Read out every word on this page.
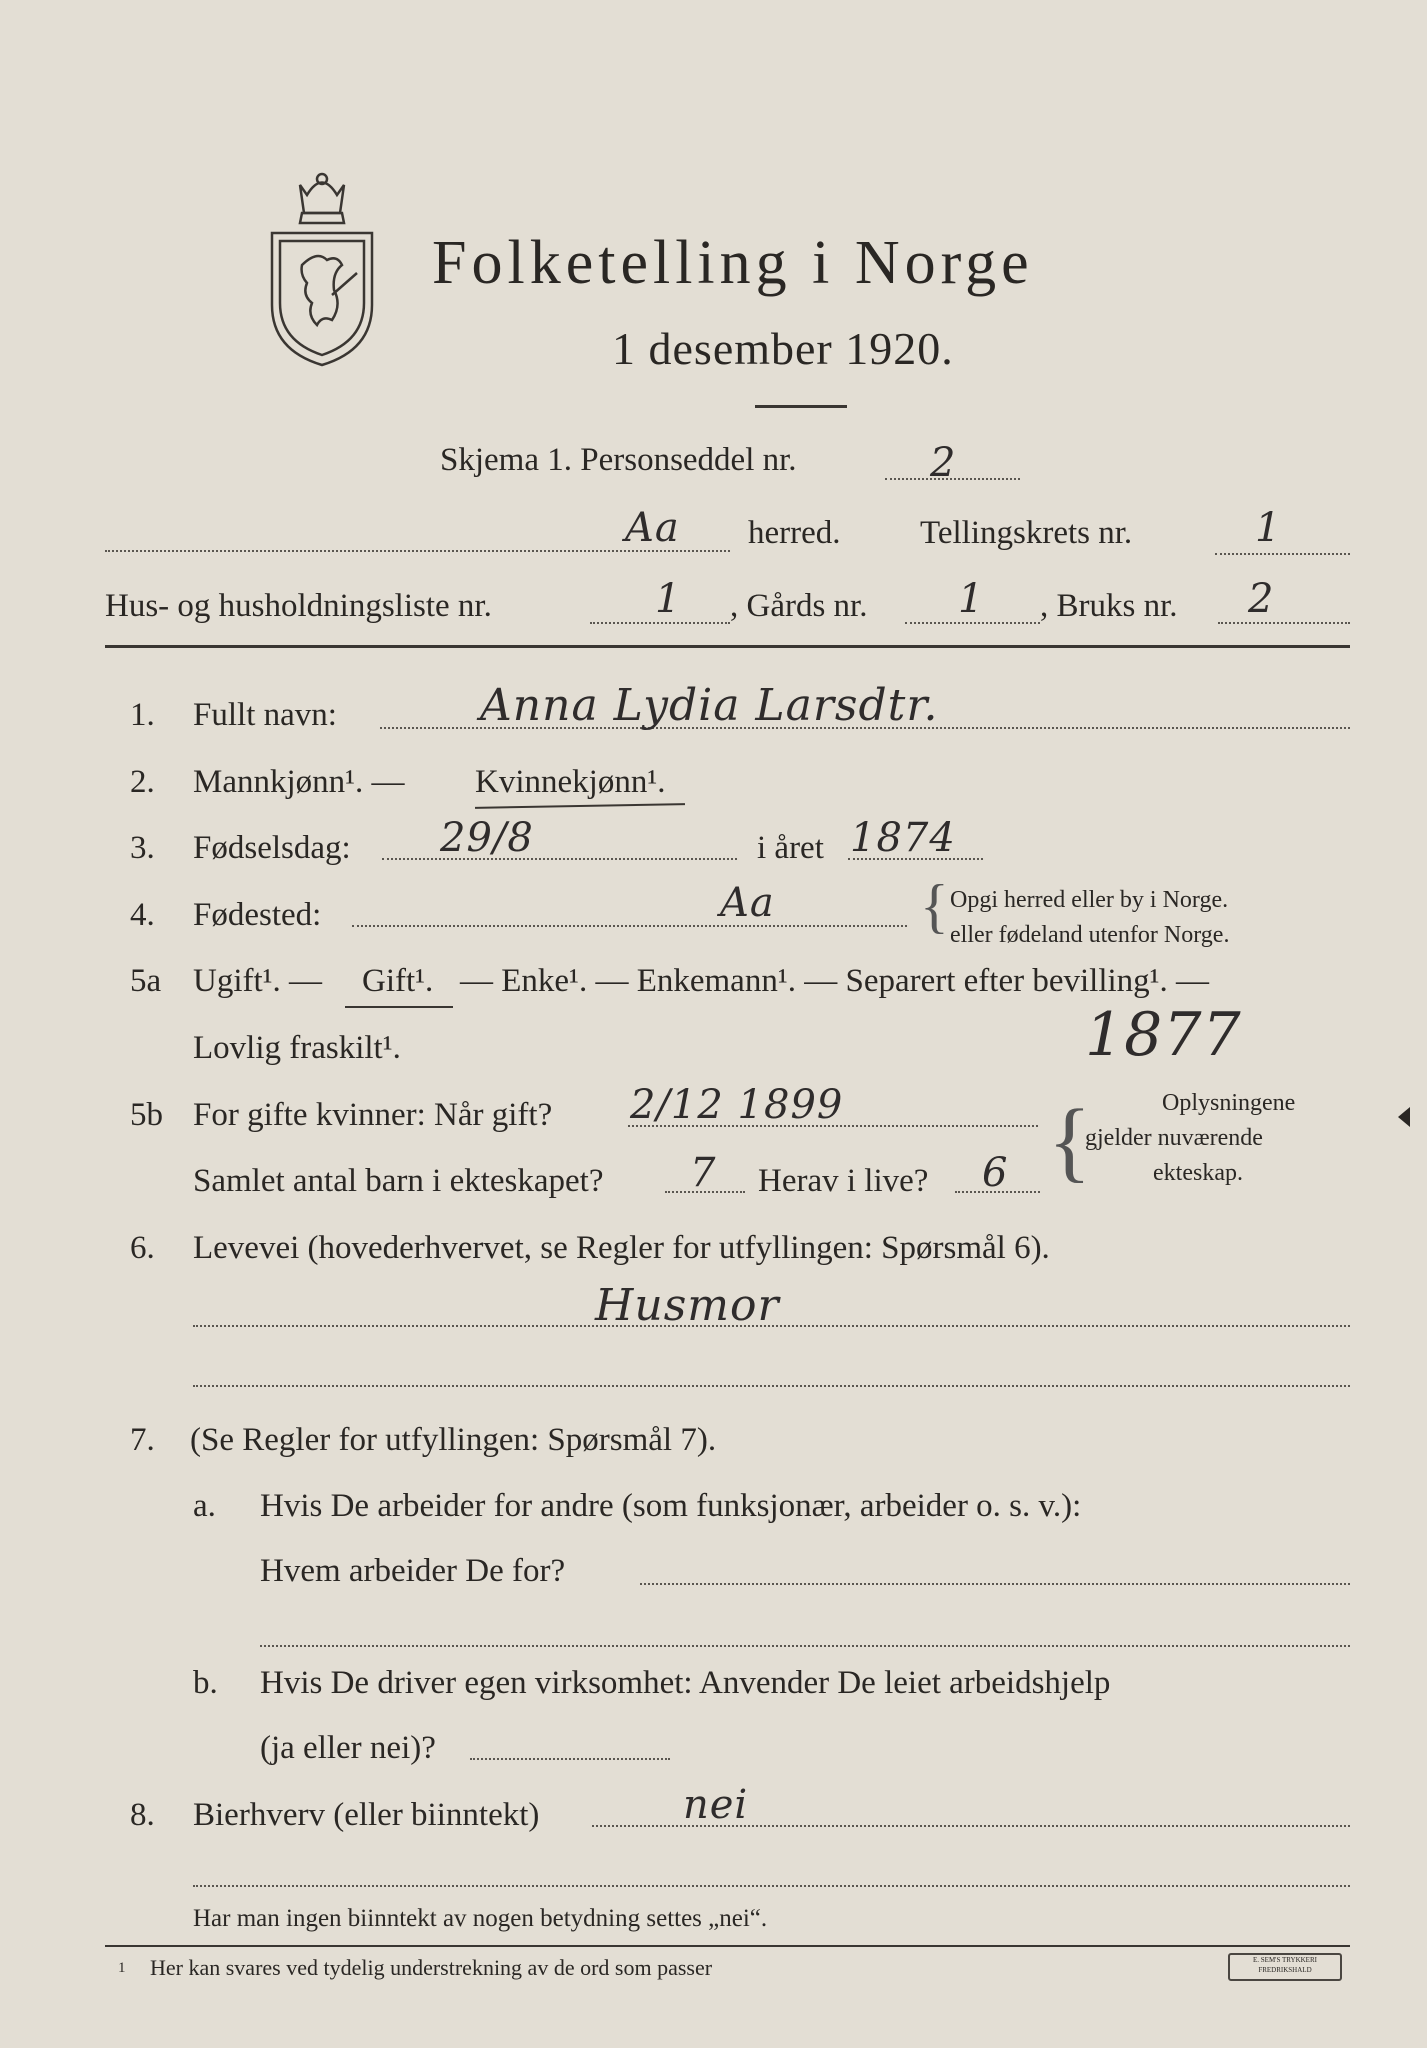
Folketelling i Norge
1 desember 1920.
Skjema 1. Personseddel nr.	2
Aa herred. Tellingskrets nr.	1
Hus- og husholdningsliste nr.	1 , Gårds nr. 1 , Bruks nr. 2
1. Fullt navn:	Anna Lydia Larsdtr.
2. Mannkjønn¹. — Kvinnekjønn¹.
3. Fødselsdag: 29/8	i året 1874
4. Fødested:	Aa { Opgi herred eller by i Norge.
eller fødeland utenfor Norge.
5a Ugift¹. — Gift¹. — Enke¹. — Enkemann¹. — Separert efter bevilling¹. —
Lovlig fraskilt¹.	1877
5b For gifte kvinner: Når gift? 2/12 1899
Samlet antal barn i ekteskapet? 7 Herav i live? 6 {	Oplysningene
gjelder nuværende
ekteskap.
6. Levevei (hovederhvervet, se Regler for utfyllingen: Spørsmål 6).
Husmor
7. (Se Regler for utfyllingen: Spørsmål 7).
a. Hvis De arbeider for andre (som funksjonær, arbeider o. s. v.):
Hvem arbeider De for?
b. Hvis De driver egen virksomhet: Anvender De leiet arbeidshjelp
(ja eller nei)?
8. Bierhverv (eller biinntekt)	nei
Har man ingen biinntekt av nogen betydning settes „nei“.
1 Her kan svares ved tydelig understrekning av de ord som passer	E. SEM'S TRYKKERI FREDRIKSHALD
